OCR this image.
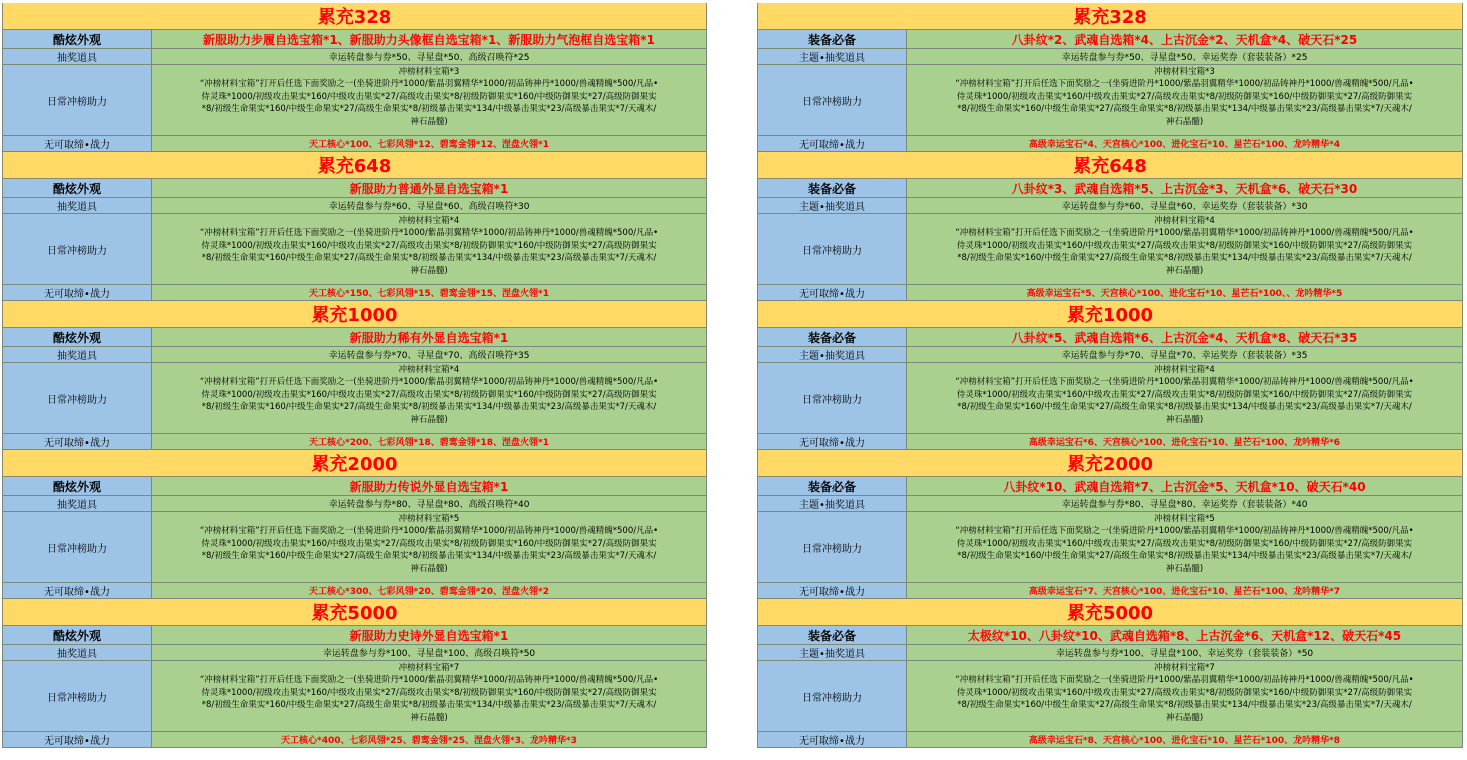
累充328
酷炫外观	新服助力步履自选宝箱*1、新服助力头像框自选宝箱*1、新服助力气泡框自选宝箱*1
抽奖道具	幸运转盘参与券*50、寻星盘*50、高级召唤符*25
日常冲榜助力
冲榜材料宝箱*3
“冲榜材料宝箱”打开后任选下面奖励之一(坐骑进阶丹*1000/紫晶羽翼精华*1000/初品铸神丹*1000/兽魂精魄*500/凡品•
侍灵珠*1000/初级攻击果实*160/中级攻击果实*27/高级攻击果实*8/初级防御果实*160/中级防御果实*27/高级防御果实
*8/初级生命果实*160/中级生命果实*27/高级生命果实*8/初级暴击果实*134/中级暴击果实*23/高级暴击果实*7/天魂木/
神石晶髓)
无可取缔•战力	天工核心*100、七彩风翎*12、碧鸾金翎*12、涅盘火翎*1
累充648
酷炫外观	新服助力普通外显自选宝箱*1
抽奖道具	幸运转盘参与券*60、寻星盘*60、高级召唤符*30
日常冲榜助力
冲榜材料宝箱*4
“冲榜材料宝箱”打开后任选下面奖励之一(坐骑进阶丹*1000/紫晶羽翼精华*1000/初品铸神丹*1000/兽魂精魄*500/凡品•
侍灵珠*1000/初级攻击果实*160/中级攻击果实*27/高级攻击果实*8/初级防御果实*160/中级防御果实*27/高级防御果实
*8/初级生命果实*160/中级生命果实*27/高级生命果实*8/初级暴击果实*134/中级暴击果实*23/高级暴击果实*7/天魂木/
神石晶髓)
无可取缔•战力	天工核心*150、七彩风翎*15、碧鸾金翎*15、涅盘火翎*1
累充1000
酷炫外观	新服助力稀有外显自选宝箱*1
抽奖道具	幸运转盘参与券*70、寻星盘*70、高级召唤符*35
日常冲榜助力
冲榜材料宝箱*4
“冲榜材料宝箱”打开后任选下面奖励之一(坐骑进阶丹*1000/紫晶羽翼精华*1000/初品铸神丹*1000/兽魂精魄*500/凡品•
侍灵珠*1000/初级攻击果实*160/中级攻击果实*27/高级攻击果实*8/初级防御果实*160/中级防御果实*27/高级防御果实
*8/初级生命果实*160/中级生命果实*27/高级生命果实*8/初级暴击果实*134/中级暴击果实*23/高级暴击果实*7/天魂木/
神石晶髓)
无可取缔•战力	天工核心*200、七彩风翎*18、碧鸾金翎*18、涅盘火翎*1
累充2000
酷炫外观	新服助力传说外显自选宝箱*1
抽奖道具	幸运转盘参与券*80、寻星盘*80、高级召唤符*40
日常冲榜助力
冲榜材料宝箱*5
“冲榜材料宝箱”打开后任选下面奖励之一(坐骑进阶丹*1000/紫晶羽翼精华*1000/初品铸神丹*1000/兽魂精魄*500/凡品•
侍灵珠*1000/初级攻击果实*160/中级攻击果实*27/高级攻击果实*8/初级防御果实*160/中级防御果实*27/高级防御果实
*8/初级生命果实*160/中级生命果实*27/高级生命果实*8/初级暴击果实*134/中级暴击果实*23/高级暴击果实*7/天魂木/
神石晶髓)
无可取缔•战力	天工核心*300、七彩风翎*20、碧鸾金翎*20、涅盘火翎*2
累充5000
酷炫外观	新服助力史诗外显自选宝箱*1
抽奖道具	幸运转盘参与券*100、寻星盘*100、高级召唤符*50
日常冲榜助力
冲榜材料宝箱*7
“冲榜材料宝箱”打开后任选下面奖励之一(坐骑进阶丹*1000/紫晶羽翼精华*1000/初品铸神丹*1000/兽魂精魄*500/凡品•
侍灵珠*1000/初级攻击果实*160/中级攻击果实*27/高级攻击果实*8/初级防御果实*160/中级防御果实*27/高级防御果实
*8/初级生命果实*160/中级生命果实*27/高级生命果实*8/初级暴击果实*134/中级暴击果实*23/高级暴击果实*7/天魂木/
神石晶髓)
无可取缔•战力	天工核心*400、七彩风翎*25、碧鸾金翎*25、涅盘火翎*3、龙吟精华*3
累充328
装备必备	八卦纹*2、武魂自选箱*4、上古沉金*2、天机盒*4、破天石*25
主题•抽奖道具	幸运转盘参与券*50、寻星盘*50、幸运奖券（套装装备）*25
日常冲榜助力
冲榜材料宝箱*3
“冲榜材料宝箱”打开后任选下面奖励之一(坐骑进阶丹*1000/紫晶羽翼精华*1000/初品铸神丹*1000/兽魂精魄*500/凡品•
侍灵珠*1000/初级攻击果实*160/中级攻击果实*27/高级攻击果实*8/初级防御果实*160/中级防御果实*27/高级防御果实
*8/初级生命果实*160/中级生命果实*27/高级生命果实*8/初级暴击果实*134/中级暴击果实*23/高级暴击果实*7/天魂木/
神石晶髓)
无可取缔•战力	高级幸运宝石*4、天宫核心*100、进化宝石*10、星芒石*100、龙吟精华*4
累充648
装备必备	八卦纹*3、武魂自选箱*5、上古沉金*3、天机盒*6、破天石*30
主题•抽奖道具	幸运转盘参与券*60、寻星盘*60、幸运奖券（套装装备）*30
日常冲榜助力
冲榜材料宝箱*4
“冲榜材料宝箱”打开后任选下面奖励之一(坐骑进阶丹*1000/紫晶羽翼精华*1000/初品铸神丹*1000/兽魂精魄*500/凡品•
侍灵珠*1000/初级攻击果实*160/中级攻击果实*27/高级攻击果实*8/初级防御果实*160/中级防御果实*27/高级防御果实
*8/初级生命果实*160/中级生命果实*27/高级生命果实*8/初级暴击果实*134/中级暴击果实*23/高级暴击果实*7/天魂木/
神石晶髓)
无可取缔•战力	高级幸运宝石*5、天宫核心*100、进化宝石*10、星芒石*100、、龙吟精华*5
累充1000
装备必备	八卦纹*5、武魂自选箱*6、上古沉金*4、天机盒*8、破天石*35
主题•抽奖道具	幸运转盘参与券*70、寻星盘*70、幸运奖券（套装装备）*35
日常冲榜助力
冲榜材料宝箱*4
“冲榜材料宝箱”打开后任选下面奖励之一(坐骑进阶丹*1000/紫晶羽翼精华*1000/初品铸神丹*1000/兽魂精魄*500/凡品•
侍灵珠*1000/初级攻击果实*160/中级攻击果实*27/高级攻击果实*8/初级防御果实*160/中级防御果实*27/高级防御果实
*8/初级生命果实*160/中级生命果实*27/高级生命果实*8/初级暴击果实*134/中级暴击果实*23/高级暴击果实*7/天魂木/
神石晶髓)
无可取缔•战力	高级幸运宝石*6、天宫核心*100、进化宝石*10、星芒石*100、龙吟精华*6
累充2000
装备必备	八卦纹*10、武魂自选箱*7、上古沉金*5、天机盒*10、破天石*40
主题•抽奖道具	幸运转盘参与券*80、寻星盘*80、幸运奖券（套装装备）*40
日常冲榜助力
冲榜材料宝箱*5
“冲榜材料宝箱”打开后任选下面奖励之一(坐骑进阶丹*1000/紫晶羽翼精华*1000/初品铸神丹*1000/兽魂精魄*500/凡品•
侍灵珠*1000/初级攻击果实*160/中级攻击果实*27/高级攻击果实*8/初级防御果实*160/中级防御果实*27/高级防御果实
*8/初级生命果实*160/中级生命果实*27/高级生命果实*8/初级暴击果实*134/中级暴击果实*23/高级暴击果实*7/天魂木/
神石晶髓)
无可取缔•战力	高级幸运宝石*7、天宫核心*100、进化宝石*10、星芒石*100、龙吟精华*7
累充5000
装备必备	太极纹*10、八卦纹*10、武魂自选箱*8、上古沉金*6、天机盒*12、破天石*45
主题•抽奖道具	幸运转盘参与券*100、寻星盘*100、幸运奖券（套装装备）*50
日常冲榜助力
冲榜材料宝箱*7
“冲榜材料宝箱”打开后任选下面奖励之一(坐骑进阶丹*1000/紫晶羽翼精华*1000/初品铸神丹*1000/兽魂精魄*500/凡品•
侍灵珠*1000/初级攻击果实*160/中级攻击果实*27/高级攻击果实*8/初级防御果实*160/中级防御果实*27/高级防御果实
*8/初级生命果实*160/中级生命果实*27/高级生命果实*8/初级暴击果实*134/中级暴击果实*23/高级暴击果实*7/天魂木/
神石晶髓)
无可取缔•战力	高级幸运宝石*8、天宫核心*100、进化宝石*10、星芒石*100、龙吟精华*8
